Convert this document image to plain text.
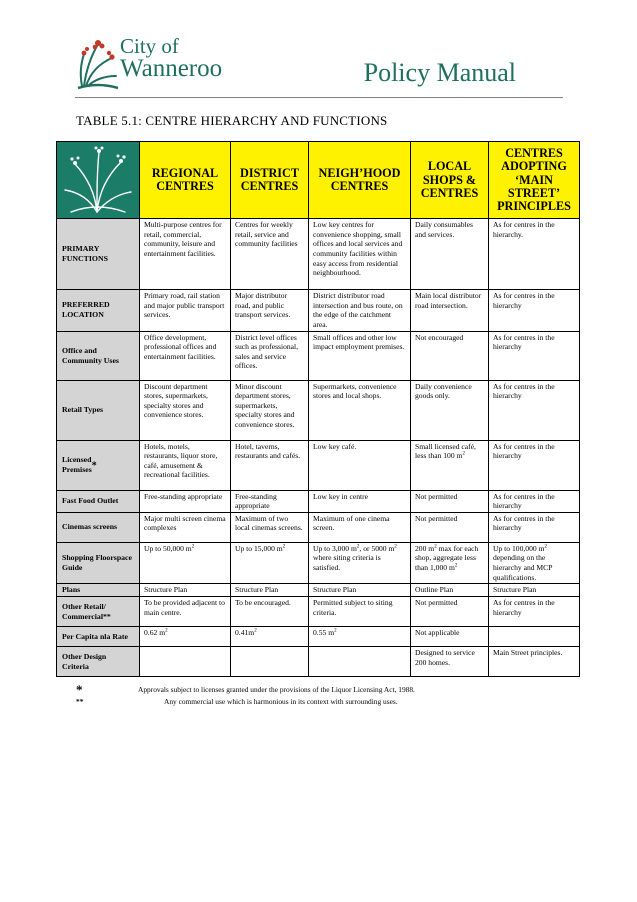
City of
Wanneroo	Policy Manual
TABLE 5.1: CENTRE HIERARCHY AND FUNCTIONS
	REGIONAL CENTRES	DISTRICT CENTRES	NEIGH’HOOD CENTRES	LOCAL SHOPS & CENTRES	CENTRES ADOPTING ‘MAIN STREET’ PRINCIPLES
PRIMARY FUNCTIONS	Multi-purpose centres for retail, commercial, community, leisure and entertainment facilities.	Centres for weekly retail, service and community facilities	Low key centres for convenience shopping, small offices and local services and community facilities within easy access from residential neighbourhood.	Daily consumables and services.	As for centres in the hierarchy.
PREFERRED LOCATION	Primary road, rail station and major public transport services.	Major distributor road, and public transport services.	District distributor road intersection and bus route, on the edge of the catchment area.	Main local distributor road intersection.	As for centres in the hierarchy
Office and Community Uses	Office development, professional offices and entertainment facilities.	District level offices such as professional, sales and service offices.	Small offices and other low impact employment premises.	Not encouraged	As for centres in the hierarchy
Retail Types	Discount department stores, supermarkets, specialty stores and convenience stores.	Minor discount department stores, supermarkets, specialty stores and convenience stores.	Supermarkets, convenience stores and local shops.	Daily convenience goods only.	As for centres in the hierarchy
Licensed
Premises*	Hotels, motels, restaurants, liquor store, café, amusement & recreational facilities.	Hotel, taverns, restaurants and cafés.	Low key café.	Small licensed café, less than 100 $m^2$	As for centres in the hierarchy
Fast Food Outlet	Free-standing appropriate	Free-standing appropriate	Low key in centre	Not permitted	As for centres in the hierarchy
Cinemas screens	Major multi screen cinema complexes	Maximum of two local cinemas screens.	Maximum of one cinema screen.	Not permitted	As for centres in the hierarchy
Shopping Floorspace Guide	Up to 50,000 $m^2$	Up to 15,000 $m^2$	Up to 3,000 $m^2$, or 5000 $m^2$ where siting criteria is satisfied.	200 $m^2$ max for each shop, aggregate less than 1,000 $m^2$	Up to 100,000 $m^2$ depending on the hierarchy and MCP qualifications.
Plans	Structure Plan	Structure Plan	Structure Plan	Outline Plan	Structure Plan
Other Retail/ Commercial**	To be provided adjacent to main centre.	To be encouraged.	Permitted subject to siting criteria.	Not permitted	As for centres in the hierarchy
Per Capita nla Rate	0.62 $m^2$	$0.41m^2$	0.55 $m^2$	Not applicable	
Other Design Criteria				Designed to service 200 homes.	Main Street principles.
*	Approvals subject to licenses granted under the provisions of the Liquor Licensing Act, 1988.
**	Any commercial use which is harmonious in its context with surrounding uses.
